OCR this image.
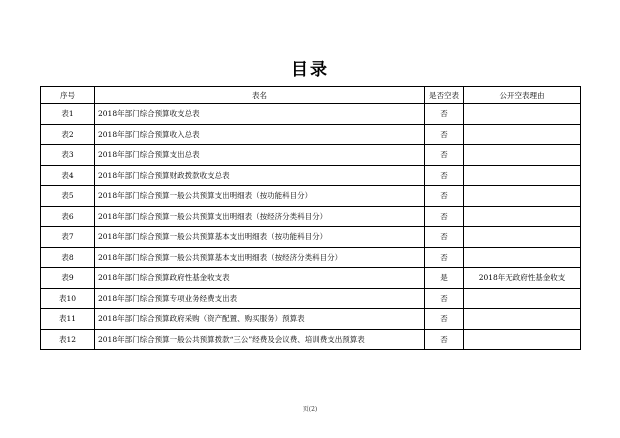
目录
序号	表名	是否空表	公开空表理由
表1	2018年部门综合预算收支总表	否	
表2	2018年部门综合预算收入总表	否	
表3	2018年部门综合预算支出总表	否	
表4	2018年部门综合预算财政拨款收支总表	否	
表5	2018年部门综合预算一般公共预算支出明细表（按功能科目分）	否	
表6	2018年部门综合预算一般公共预算支出明细表（按经济分类科目分）	否	
表7	2018年部门综合预算一般公共预算基本支出明细表（按功能科目分）	否	
表8	2018年部门综合预算一般公共预算基本支出明细表（按经济分类科目分）	否	
表9	2018年部门综合预算政府性基金收支表	是	2018年无政府性基金收支
表10	2018年部门综合预算专项业务经费支出表	否	
表11	2018年部门综合预算政府采购（资产配置、购买服务）预算表	否	
表12	2018年部门综合预算一般公共预算拨款“三公”经费及会议费、培训费支出预算表	否	
页(2)
